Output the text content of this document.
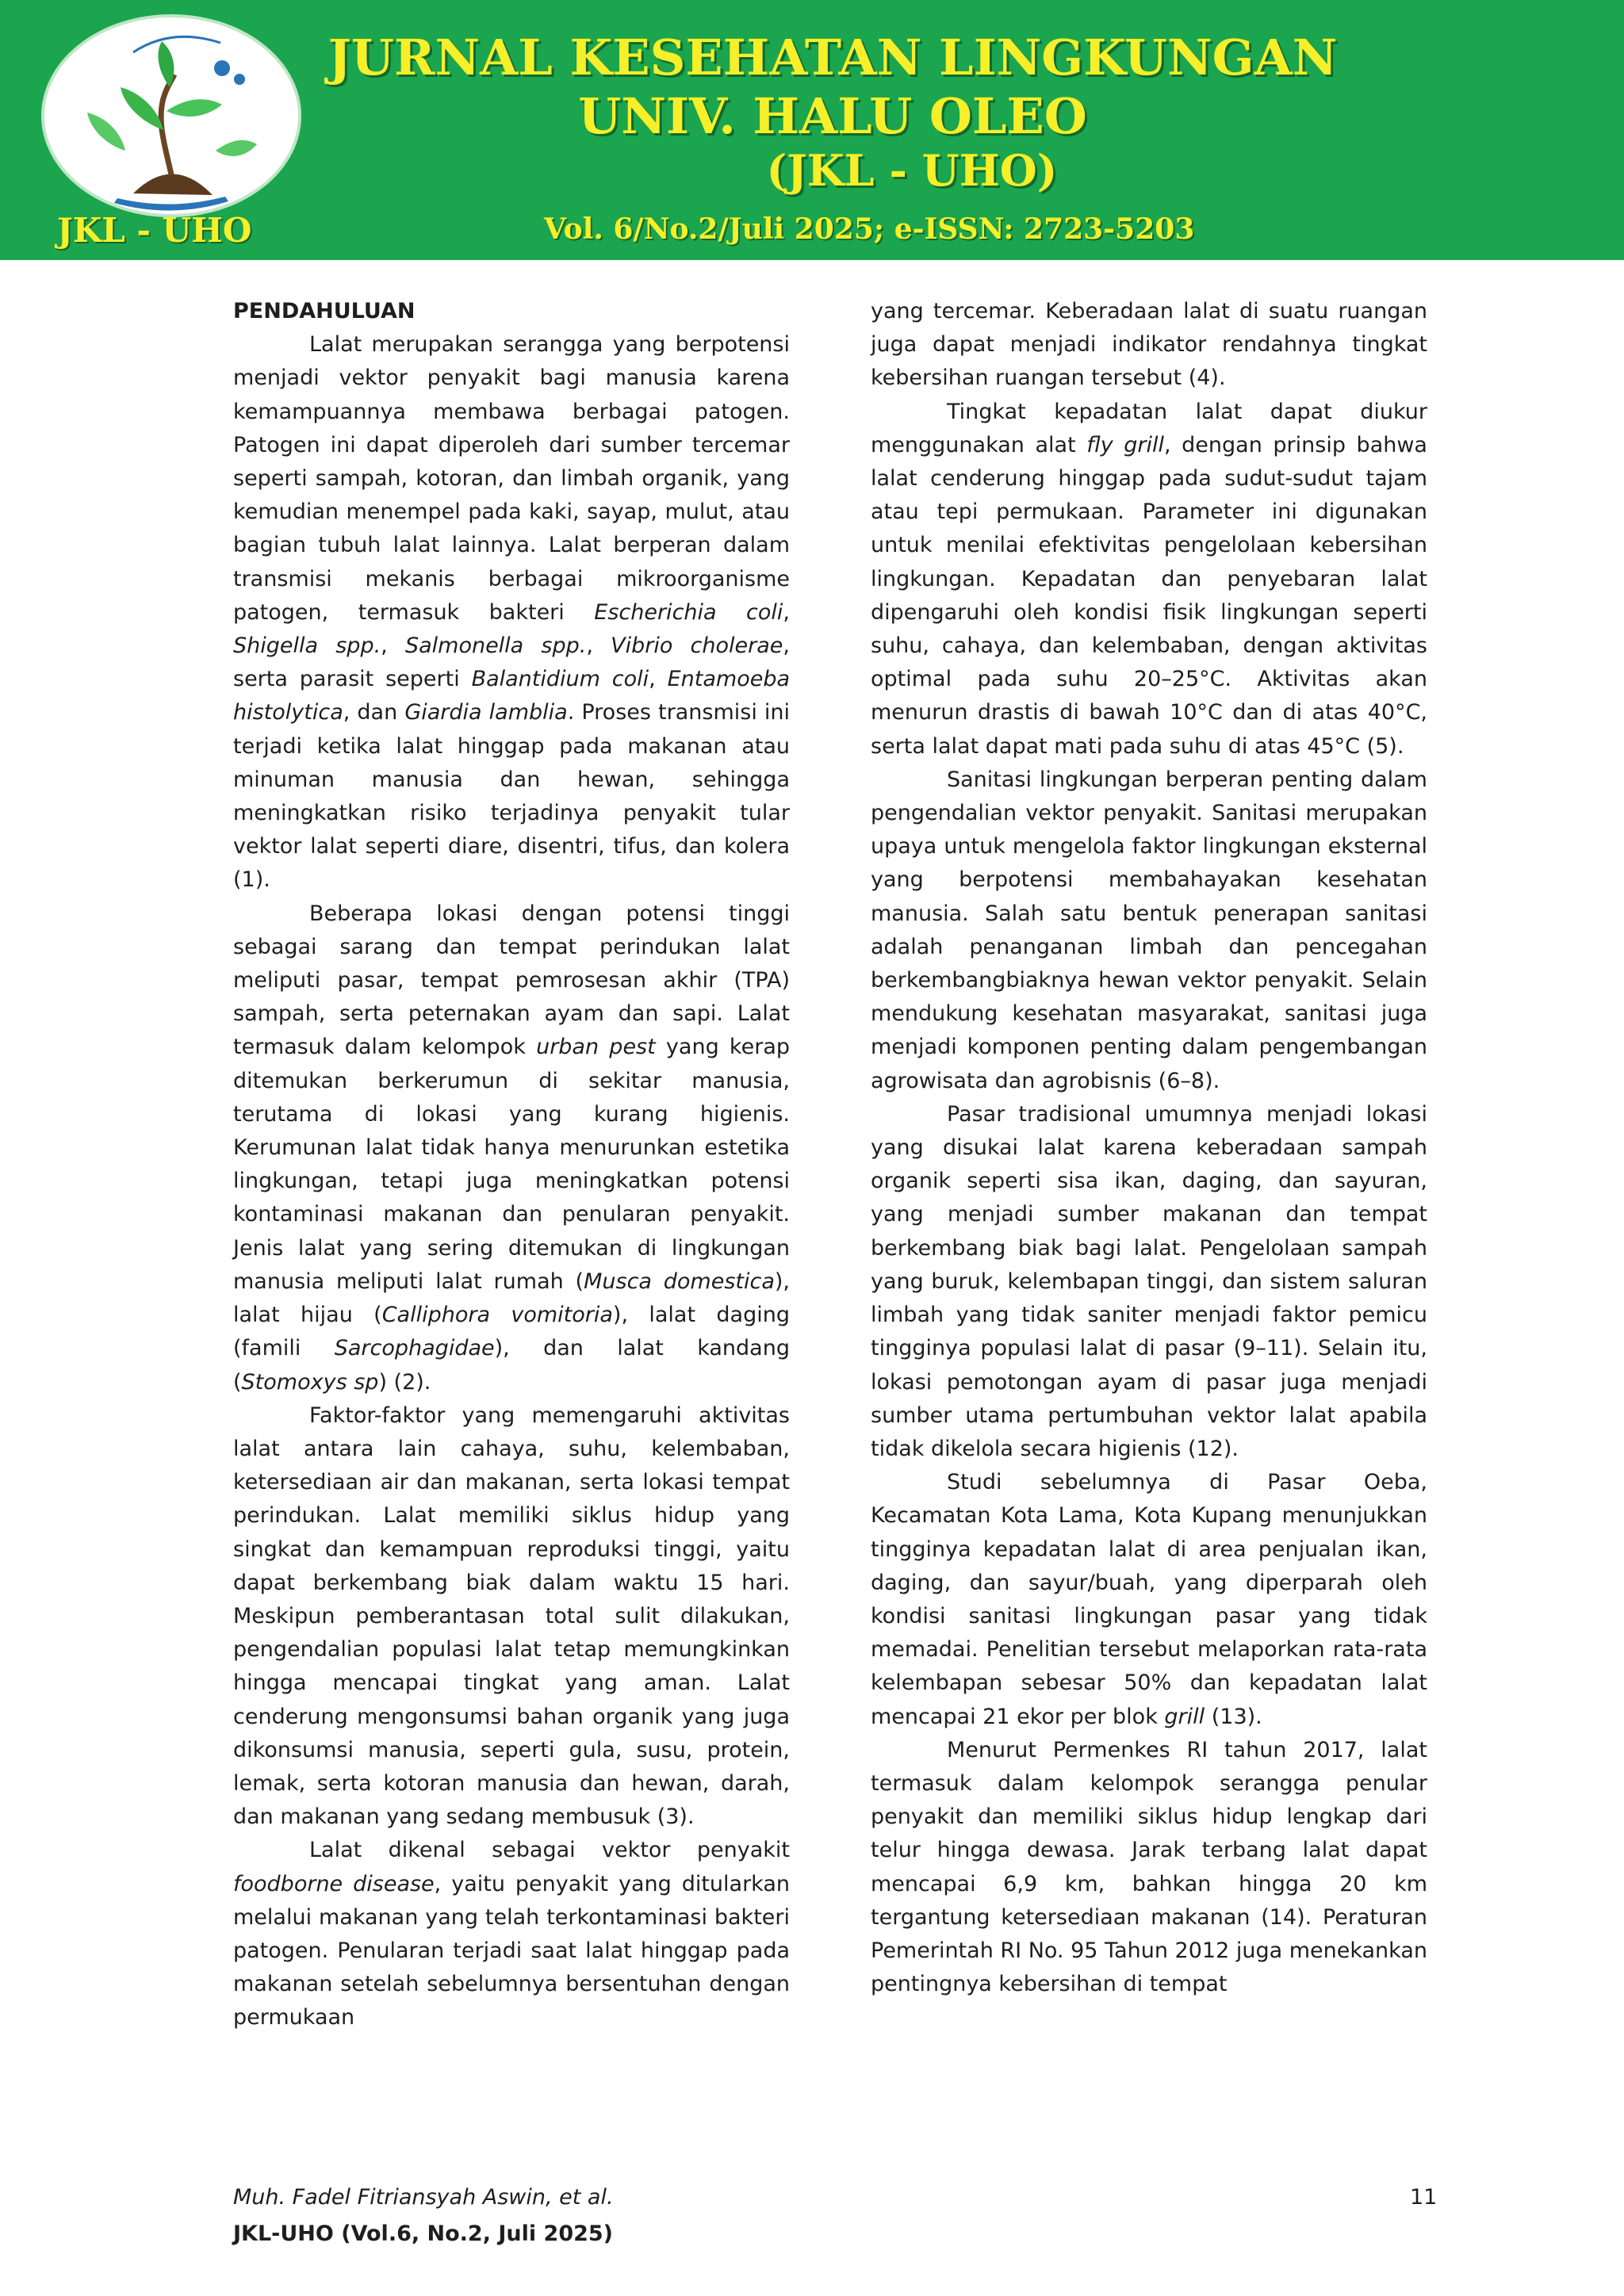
JURNAL KESEHATAN LINGKUNGAN
UNIV. HALU OLEO
(JKL - UHO)
JKL - UHO	Vol. 6/No.2/Juli 2025; e-ISSN: 2723-5203
PENDAHULUAN

Lalat merupakan serangga yang berpotensi menjadi vektor penyakit bagi manusia karena kemampuannya membawa berbagai patogen. Patogen ini dapat diperoleh dari sumber tercemar seperti sampah, kotoran, dan limbah organik, yang kemudian menempel pada kaki, sayap, mulut, atau bagian tubuh lalat lainnya. Lalat berperan dalam transmisi mekanis berbagai mikroorganisme patogen, termasuk bakteri Escherichia coli, Shigella spp., Salmonella spp., Vibrio cholerae, serta parasit seperti Balantidium coli, Entamoeba histolytica, dan Giardia lamblia. Proses transmisi ini terjadi ketika lalat hinggap pada makanan atau minuman manusia dan hewan, sehingga meningkatkan risiko terjadinya penyakit tular vektor lalat seperti diare, disentri, tifus, dan kolera (1).

Beberapa lokasi dengan potensi tinggi sebagai sarang dan tempat perindukan lalat meliputi pasar, tempat pemrosesan akhir (TPA) sampah, serta peternakan ayam dan sapi. Lalat termasuk dalam kelompok urban pest yang kerap ditemukan berkerumun di sekitar manusia, terutama di lokasi yang kurang higienis. Kerumunan lalat tidak hanya menurunkan estetika lingkungan, tetapi juga meningkatkan potensi kontaminasi makanan dan penularan penyakit. Jenis lalat yang sering ditemukan di lingkungan manusia meliputi lalat rumah (Musca domestica), lalat hijau (Calliphora vomitoria), lalat daging (famili Sarcophagidae), dan lalat kandang (Stomoxys sp) (2).

Faktor-faktor yang memengaruhi aktivitas lalat antara lain cahaya, suhu, kelembaban, ketersediaan air dan makanan, serta lokasi tempat perindukan. Lalat memiliki siklus hidup yang singkat dan kemampuan reproduksi tinggi, yaitu dapat berkembang biak dalam waktu 15 hari. Meskipun pemberantasan total sulit dilakukan, pengendalian populasi lalat tetap memungkinkan hingga mencapai tingkat yang aman. Lalat cenderung mengonsumsi bahan organik yang juga dikonsumsi manusia, seperti gula, susu, protein, lemak, serta kotoran manusia dan hewan, darah, dan makanan yang sedang membusuk (3).

Lalat dikenal sebagai vektor penyakit foodborne disease, yaitu penyakit yang ditularkan melalui makanan yang telah terkontaminasi bakteri patogen. Penularan terjadi saat lalat hinggap pada makanan setelah sebelumnya bersentuhan dengan permukaan

yang tercemar. Keberadaan lalat di suatu ruangan juga dapat menjadi indikator rendahnya tingkat kebersihan ruangan tersebut (4).

Tingkat kepadatan lalat dapat diukur menggunakan alat fly grill, dengan prinsip bahwa lalat cenderung hinggap pada sudut-sudut tajam atau tepi permukaan. Parameter ini digunakan untuk menilai efektivitas pengelolaan kebersihan lingkungan. Kepadatan dan penyebaran lalat dipengaruhi oleh kondisi fisik lingkungan seperti suhu, cahaya, dan kelembaban, dengan aktivitas optimal pada suhu 20–25°C. Aktivitas akan menurun drastis di bawah 10°C dan di atas 40°C, serta lalat dapat mati pada suhu di atas 45°C (5).

Sanitasi lingkungan berperan penting dalam pengendalian vektor penyakit. Sanitasi merupakan upaya untuk mengelola faktor lingkungan eksternal yang berpotensi membahayakan kesehatan manusia. Salah satu bentuk penerapan sanitasi adalah penanganan limbah dan pencegahan berkembangbiaknya hewan vektor penyakit. Selain mendukung kesehatan masyarakat, sanitasi juga menjadi komponen penting dalam pengembangan agrowisata dan agrobisnis (6–8).

Pasar tradisional umumnya menjadi lokasi yang disukai lalat karena keberadaan sampah organik seperti sisa ikan, daging, dan sayuran, yang menjadi sumber makanan dan tempat berkembang biak bagi lalat. Pengelolaan sampah yang buruk, kelembapan tinggi, dan sistem saluran limbah yang tidak saniter menjadi faktor pemicu tingginya populasi lalat di pasar (9–11). Selain itu, lokasi pemotongan ayam di pasar juga menjadi sumber utama pertumbuhan vektor lalat apabila tidak dikelola secara higienis (12).

Studi sebelumnya di Pasar Oeba, Kecamatan Kota Lama, Kota Kupang menunjukkan tingginya kepadatan lalat di area penjualan ikan, daging, dan sayur/buah, yang diperparah oleh kondisi sanitasi lingkungan pasar yang tidak memadai. Penelitian tersebut melaporkan rata-rata kelembapan sebesar 50% dan kepadatan lalat mencapai 21 ekor per blok grill (13).

Menurut Permenkes RI tahun 2017, lalat termasuk dalam kelompok serangga penular penyakit dan memiliki siklus hidup lengkap dari telur hingga dewasa. Jarak terbang lalat dapat mencapai 6,9 km, bahkan hingga 20 km tergantung ketersediaan makanan (14). Peraturan Pemerintah RI No. 95 Tahun 2012 juga menekankan pentingnya kebersihan di tempat

Muh. Fadel Fitriansyah Aswin, et al.
JKL-UHO (Vol.6, No.2, Juli 2025)
11
